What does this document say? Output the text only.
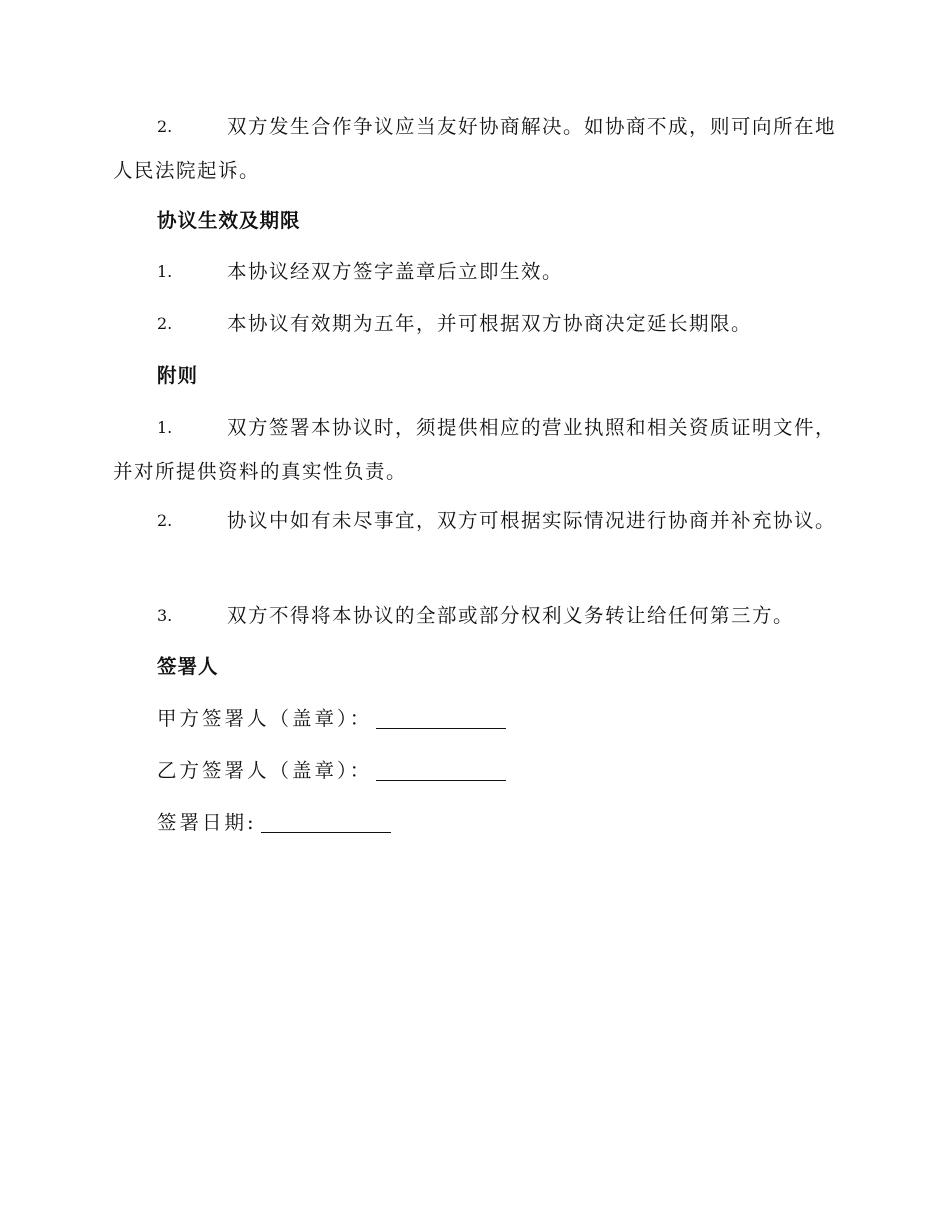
2.	双方发生合作争议应当友好协商解决。如协商不成，则可向所在地人民法院起诉。
协议生效及期限
1.	本协议经双方签字盖章后立即生效。
2.	本协议有效期为五年，并可根据双方协商决定延长期限。
附则
1.	双方签署本协议时，须提供相应的营业执照和相关资质证明文件，并对所提供资料的真实性负责。
2.	协议中如有未尽事宜，双方可根据实际情况进行协商并补充协议。
3.	双方不得将本协议的全部或部分权利义务转让给任何第三方。
签署人
甲方签署人（盖章）：
乙方签署人（盖章）：
签署日期:
